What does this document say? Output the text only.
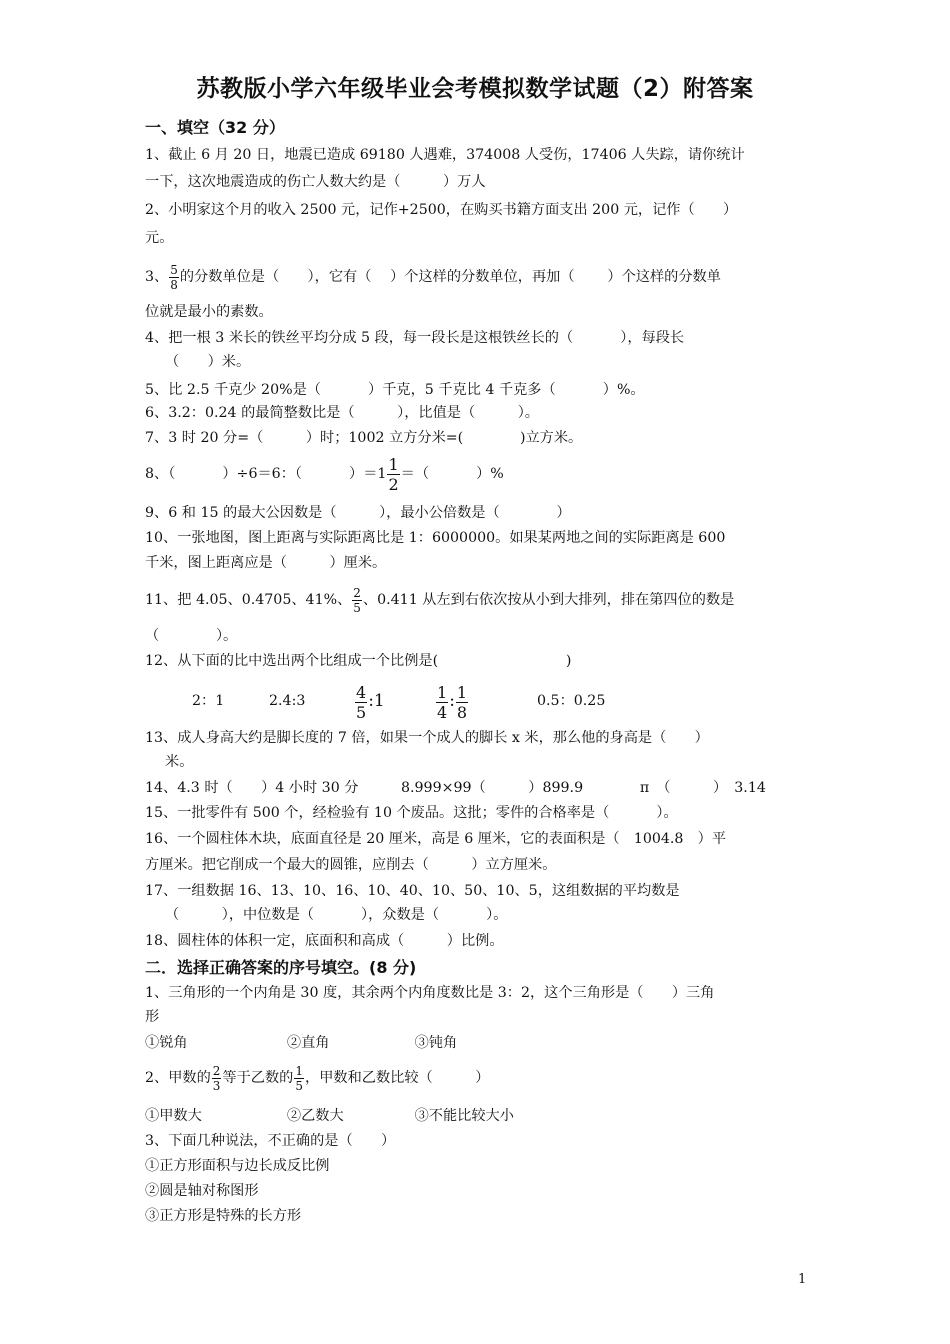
苏教版小学六年级毕业会考模拟数学试题（2）附答案
一、填空（32 分）
1、截止 6 月 20 日，地震已造成 69180 人遇难，374008 人受伤，17406 人失踪，请你统计
一下，这次地震造成的伤亡人数大约是（　　　）万人
2、小明家这个月的收入 2500 元，记作+2500，在购买书籍方面支出 200 元，记作（　　）
元。
3、 $\frac{5}{8}$ 的分数单位是（　　），它有（　 ）个这样的分数单位，再加（　　 ）个这样的分数单
位就是最小的素数。
4、把一根 3 米长的铁丝平均分成 5 段，每一段长是这根铁丝长的（　　　 ），每段长
（　　）米。
5、比 2.5 千克少 20%是（　　　 ）千克，5 千克比 4 千克多（　　　 ）%。
6、3.2：0.24 的最简整数比是（　　　），比值是（　　　）。
7、3 时 20 分=（　　　）时；1002 立方分米=(　　　　)立方米。
8、（　　　 ）÷6＝6：（　　　 ）$=1 \frac{1}{2}$ ＝（　　　 ）%
9、6 和 15 的最大公因数是（　　　），最小公倍数是（　　　　）
10、一张地图，图上距离与实际距离比是 1：6000000。如果某两地之间的实际距离是 600
千米，图上距离应是（　　　）厘米。
11、把 4.05、0.4705、41%、 $\frac{2}{5}$ 、0.411 从左到右依次按从小到大排列，排在第四位的数是
（　　　　）。
12、从下面的比中选出两个比组成一个比例是(　　　　　　　　　)
2：1	2.4:3	$\frac{4}{5}$ :1	$\frac{1}{4}$ : $\frac{1}{8}$	0.5：0.25
13、成人身高大约是脚长度的 7 倍，如果一个成人的脚长 x 米，那么他的身高是（　　）
米。
14、4.3 时（　　）4 小时 30 分　　　8.999×99（　　　）899.9　　　　π　（　　　）　3.14
15、一批零件有 500 个，经检验有 10 个废品。这批；零件的合格率是（　　　 ）。
16、一个圆柱体木块，底面直径是 20 厘米，高是 6 厘米，它的表面积是（　1004.8　）平
方厘米。把它削成一个最大的圆锥，应削去（　　　）立方厘米。
17、一组数据 16、13、10、16、10、40、10、50、10、5，这组数据的平均数是
（　　　），中位数是（　　　 ），众数是（　　　 ）。
18、圆柱体的体积一定，底面积和高成（　　　）比例。
二．选择正确答案的序号填空。(8 分)
1、三角形的一个内角是 30 度，其余两个内角度数比是 3：2，这个三角形是（　　）三角
形
①锐角　　　　　　　②直角　　　　　　③钝角
2、甲数的 $\frac{2}{3}$ 等于乙数的 $\frac{1}{5}$ ，甲数和乙数比较（　　　）
①甲数大　　　　　　②乙数大　　　　　③不能比较大小
3、下面几种说法，不正确的是（　　）
①正方形面积与边长成反比例
②圆是轴对称图形
③正方形是特殊的长方形
1
